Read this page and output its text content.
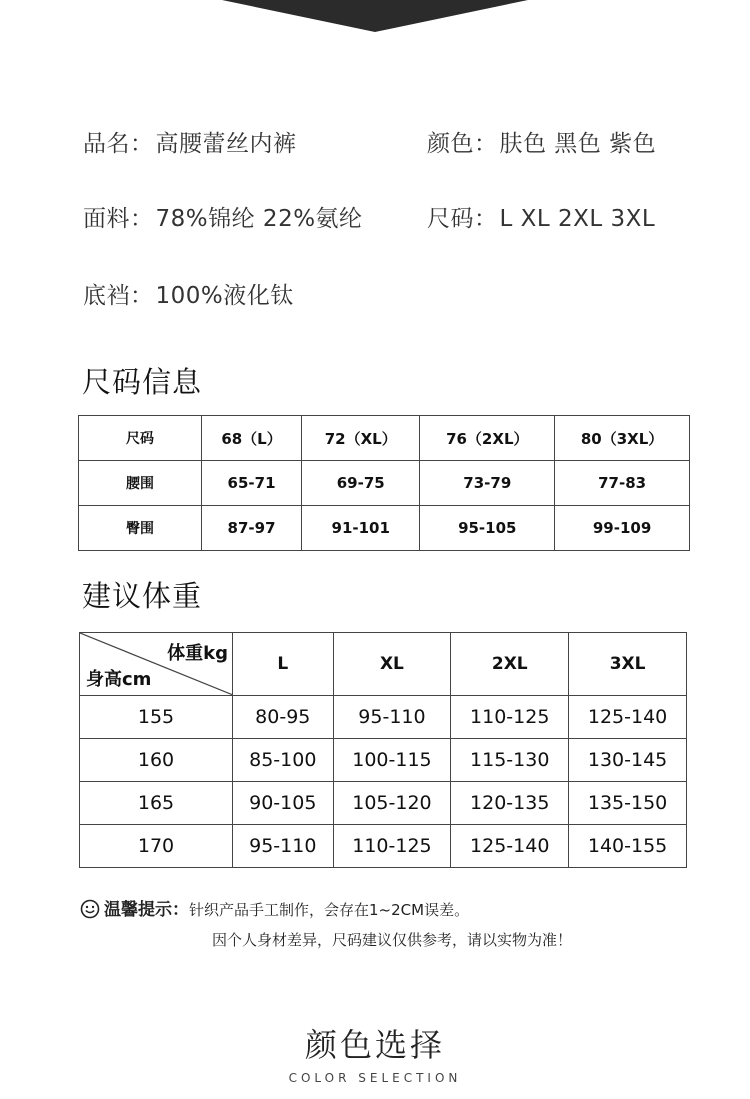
品名：高腰蕾丝内裤	颜色：肤色 黑色 紫色
面料：78%锦纶 22%氨纶	尺码：L XL 2XL 3XL
底裆：100%液化钛
尺码信息
尺码	68（L）	72（XL）	76（2XL）	80（3XL）
腰围	65-71	69-75	73-79	77-83
臀围	87-97	91-101	95-105	99-109
建议体重
体重kg
身高cm	L	XL	2XL	3XL
155	80-95	95-110	110-125	125-140
160	85-100	100-115	115-130	130-145
165	90-105	105-120	120-135	135-150
170	95-110	110-125	125-140	140-155
温馨提示：针织产品手工制作，会存在1~2CM误差。
因个人身材差异，尺码建议仅供参考，请以实物为准！
颜色选择
COLOR SELECTION
